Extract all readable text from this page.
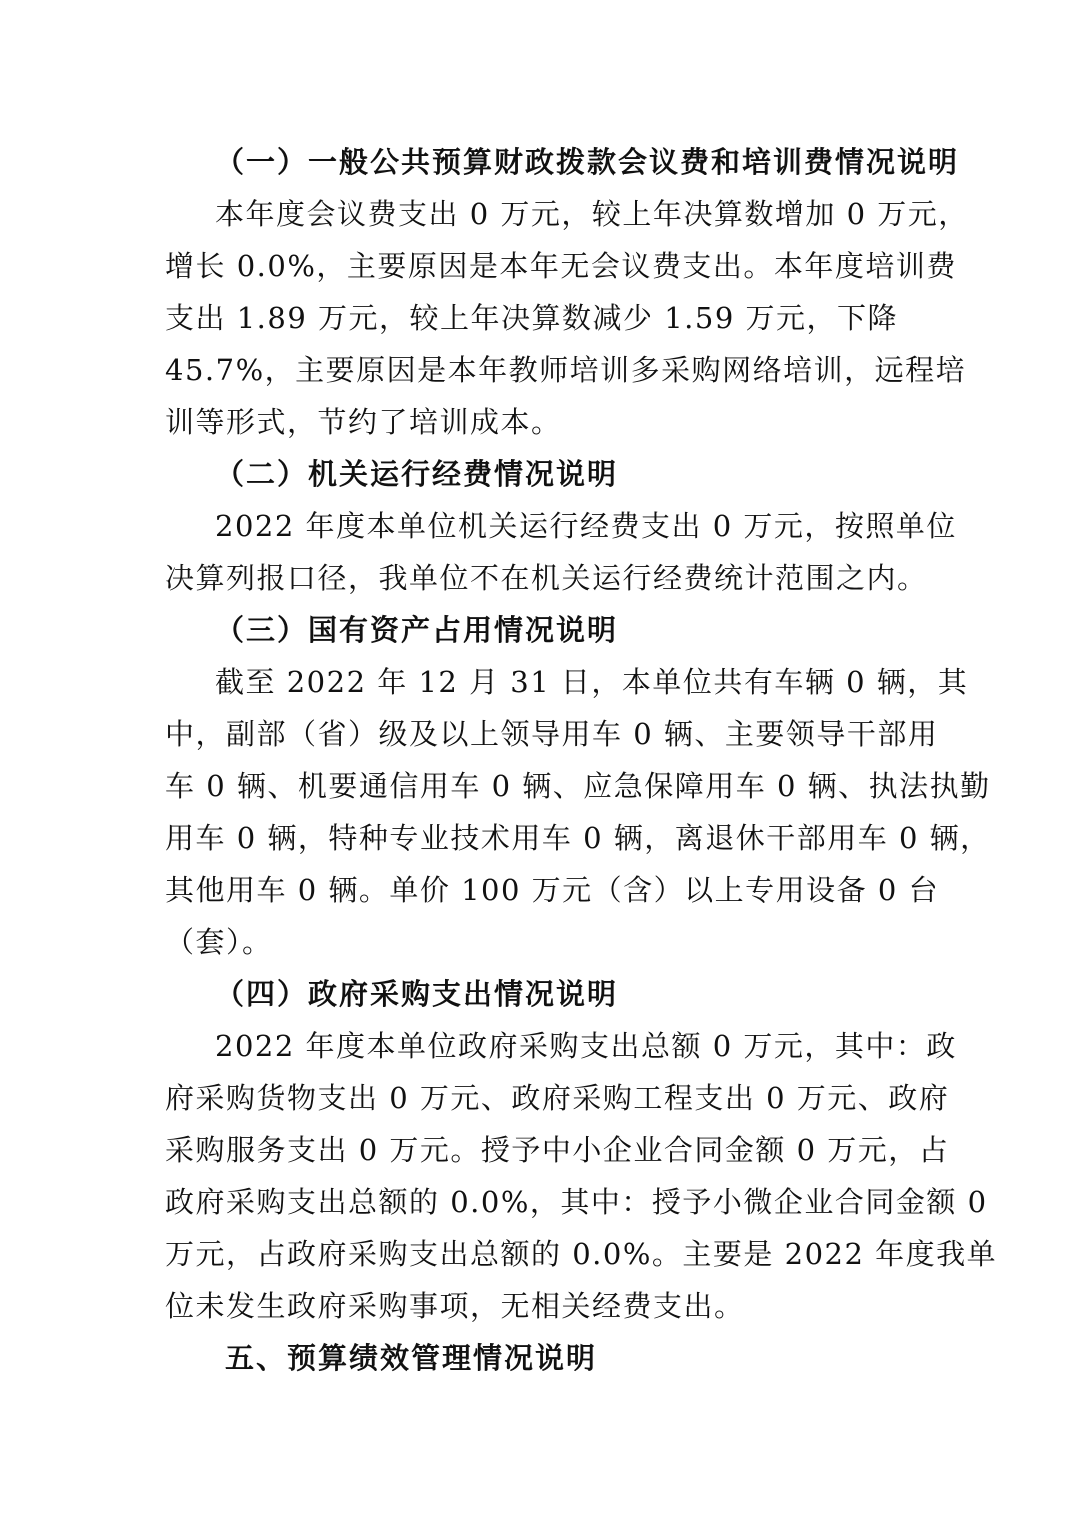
（一）一般公共预算财政拨款会议费和培训费情况说明
本年度会议费支出 0 万元，较上年决算数增加 0 万元，
增长 0.0%，主要原因是本年无会议费支出。本年度培训费
支出 1.89 万元，较上年决算数减少 1.59 万元，下降
45.7%，主要原因是本年教师培训多采购网络培训，远程培
训等形式，节约了培训成本。
（二）机关运行经费情况说明
2022 年度本单位机关运行经费支出 0 万元，按照单位
决算列报口径，我单位不在机关运行经费统计范围之内。
（三）国有资产占用情况说明
截至 2022 年 12 月 31 日，本单位共有车辆 0 辆，其
中，副部（省）级及以上领导用车 0 辆、主要领导干部用
车 0 辆、机要通信用车 0 辆、应急保障用车 0 辆、执法执勤
用车 0 辆，特种专业技术用车 0 辆，离退休干部用车 0 辆，
其他用车 0 辆。单价 100 万元（含）以上专用设备 0 台
（套）。
（四）政府采购支出情况说明
2022 年度本单位政府采购支出总额 0 万元，其中：政
府采购货物支出 0 万元、政府采购工程支出 0 万元、政府
采购服务支出 0 万元。授予中小企业合同金额 0 万元，占
政府采购支出总额的 0.0%，其中：授予小微企业合同金额 0
万元，占政府采购支出总额的 0.0%。主要是 2022 年度我单
位未发生政府采购事项，无相关经费支出。
五、预算绩效管理情况说明
